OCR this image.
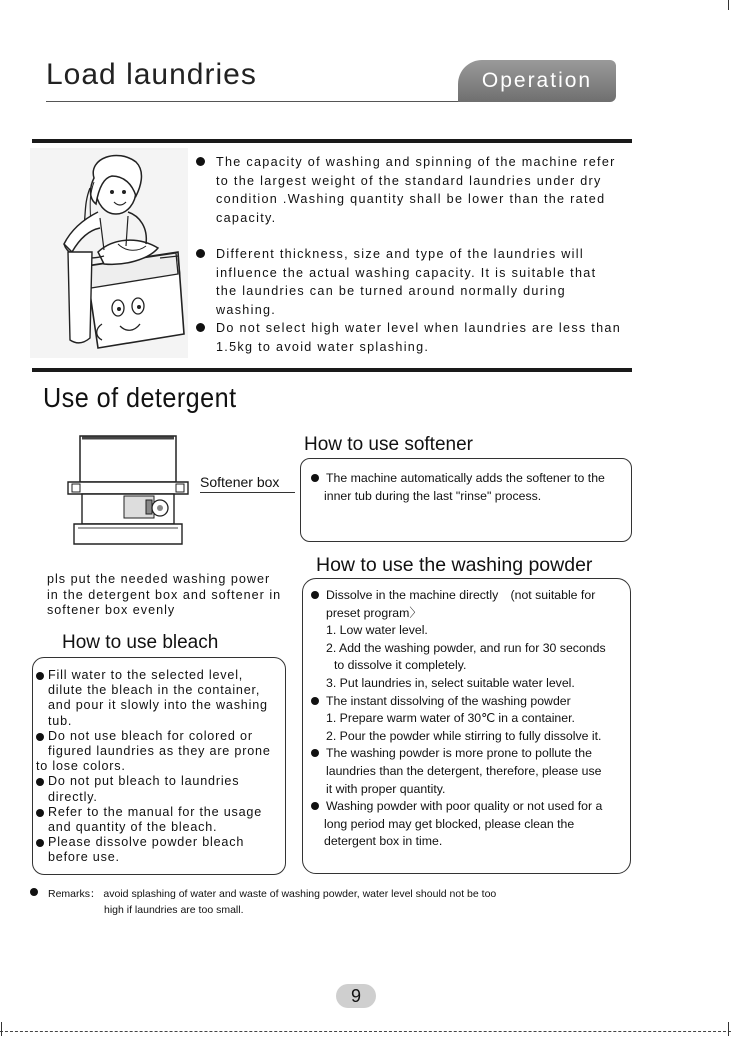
Load laundries	Operation
The capacity of washing and spinning of the machine refer
to the largest weight of the standard laundries under dry
condition .Washing quantity shall be lower than the rated
capacity.
Different thickness, size and type of the laundries will
influence the actual washing capacity. It is suitable that
the laundries can be turned around normally during washing.
Do not select high water level when laundries are less than
1.5kg to avoid water splashing.
Use of detergent
Softener box
pls put the needed washing power
in the detergent box and softener in
softener box evenly
How to use softener
The machine automatically adds the softener to the
inner tub during the last "rinse" process.
How to use the washing powder
Dissolve in the machine directly　(not suitable for
preset program〉
1. Low water level.
2. Add the washing powder, and run for 30 seconds
to dissolve it completely.
3. Put laundries in, select suitable water level.
The instant dissolving of the washing powder
1. Prepare warm water of 30℃ in a container.
2. Pour the powder while stirring to fully dissolve it.
The washing powder is more prone to pollute the
laundries than the detergent, therefore, please use
it with proper quantity.
Washing powder with poor quality or not used for a
long period may get blocked, please clean the
detergent box in time.
How to use bleach
Fill water to the selected level,
dilute the bleach in the container,
and pour it slowly into the washing
tub.
Do not use bleach for colored or
figured laundries as they are prone
to lose colors.
Do not put bleach to laundries
directly.
Refer to the manual for the usage
and quantity of the bleach.
Please dissolve powder bleach
before use.
Remarks： avoid splashing of water and waste of washing powder, water level should not be too
high if laundries are too small.
9
